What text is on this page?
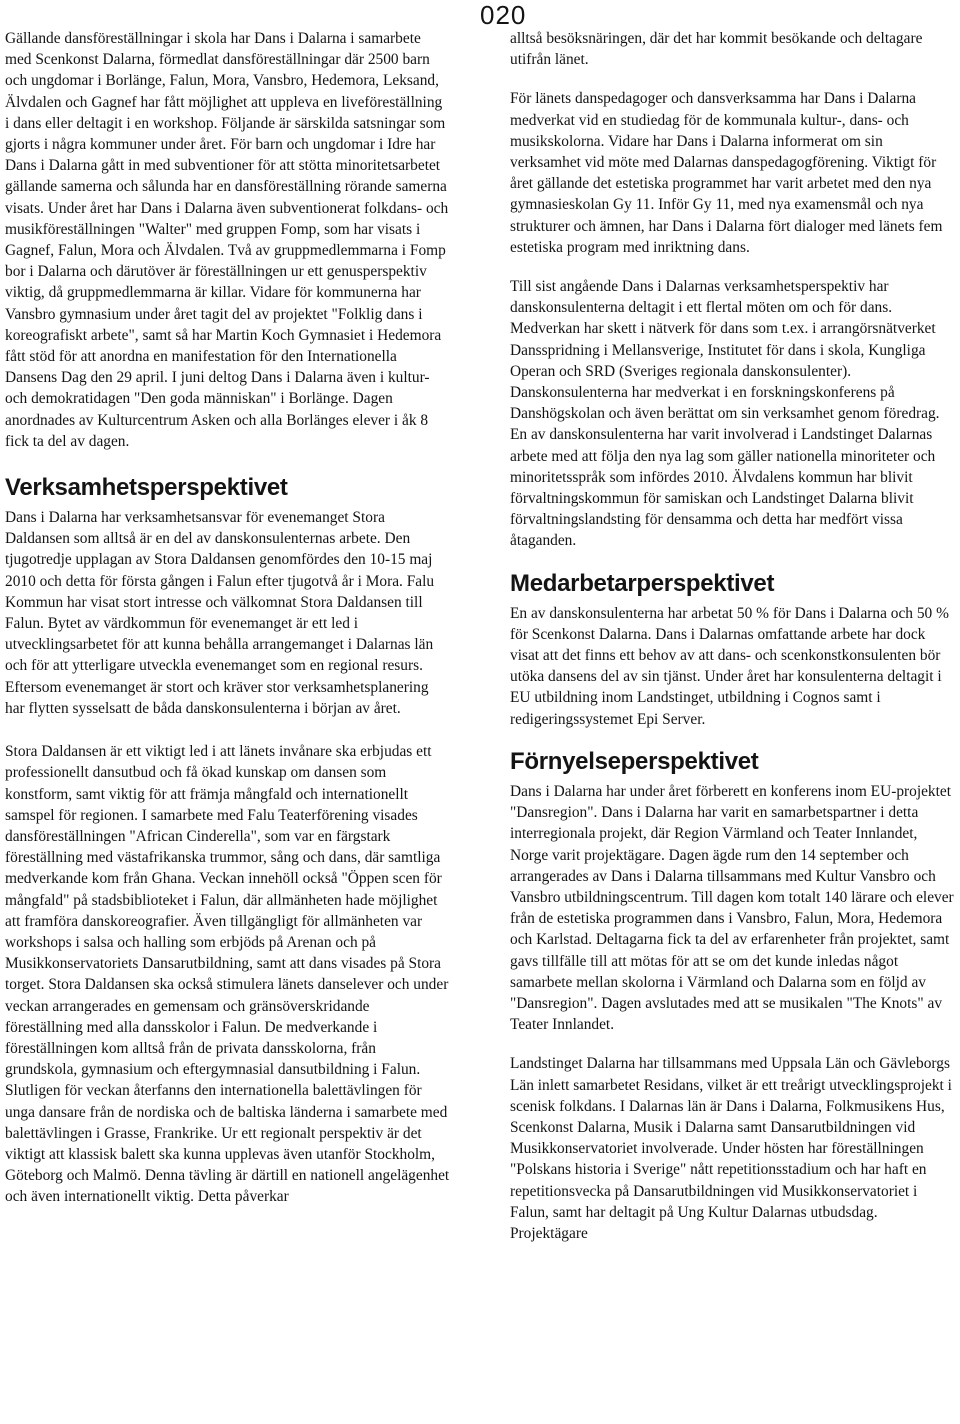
020

Gällande dansföreställningar i skola har Dans i Dalarna i samarbete med Scenkonst Dalarna, förmedlat dansföreställningar där 2500 barn och ungdomar i Borlänge, Falun, Mora, Vansbro, Hedemora, Leksand, Älvdalen och Gagnef har fått möjlighet att uppleva en liveföreställning i dans eller deltagit i en workshop. Följande är särskilda satsningar som gjorts i några kommuner under året. För barn och ungdomar i Idre har Dans i Dalarna gått in med subventioner för att stötta minoritetsarbetet gällande samerna och sålunda har en dansföreställning rörande samerna visats. Under året har Dans i Dalarna även subventionerat folkdans- och musikföreställningen "Walter" med gruppen Fomp, som har visats i Gagnef, Falun, Mora och Älvdalen. Två av gruppmedlemmarna i Fomp bor i Dalarna och därutöver är föreställningen ur ett genusperspektiv viktig, då gruppmedlemmarna är killar. Vidare för kommunerna har Vansbro gymnasium under året tagit del av projektet "Folklig dans i koreografiskt arbete", samt så har Martin Koch Gymnasiet i Hedemora fått stöd för att anordna en manifestation för den Internationella Dansens Dag den 29 april. I juni deltog Dans i Dalarna även i kultur- och demokratidagen "Den goda människan" i Borlänge. Dagen anordnades av Kulturcentrum Asken och alla Borlänges elever i åk 8 fick ta del av dagen.

Verksamhetsperspektivet

Dans i Dalarna har verksamhetsansvar för evenemanget Stora Daldansen som alltså är en del av danskonsulenternas arbete. Den tjugotredje upplagan av Stora Daldansen genomfördes den 10-15 maj 2010 och detta för första gången i Falun efter tjugotvå år i Mora. Falu Kommun har visat stort intresse och välkomnat Stora Daldansen till Falun. Bytet av värdkommun för evenemanget är ett led i utvecklingsarbetet för att kunna behålla arrangemanget i Dalarnas län och för att ytterligare utveckla evenemanget som en regional resurs. Eftersom evenemanget är stort och kräver stor verksamhetsplanering har flytten sysselsatt de båda danskonsulenterna i början av året.

Stora Daldansen är ett viktigt led i att länets invånare ska erbjudas ett professionellt dansutbud och få ökad kunskap om dansen som konstform, samt viktig för att främja mångfald och internationellt samspel för regionen. I samarbete med Falu Teaterförening visades dansföreställningen "African Cinderella", som var en färgstark föreställning med västafrikanska trummor, sång och dans, där samtliga medverkande kom från Ghana. Veckan innehöll också "Öppen scen för mångfald" på stadsbiblioteket i Falun, där allmänheten hade möjlighet att framföra danskoreografier. Även tillgängligt för allmänheten var workshops i salsa och halling som erbjöds på Arenan och på Musikkonservatoriets Dansarutbildning, samt att dans visades på Stora torget. Stora Daldansen ska också stimulera länets danselever och under veckan arrangerades en gemensam och gränsöverskridande föreställning med alla dansskolor i Falun. De medverkande i föreställningen kom alltså från de privata dansskolorna, från grundskola, gymnasium och eftergymnasial dansutbildning i Falun. Slutligen för veckan återfanns den internationella balettävlingen för unga dansare från de nordiska och de baltiska länderna i samarbete med balettävlingen i Grasse, Frankrike. Ur ett regionalt perspektiv är det viktigt att klassisk balett ska kunna upplevas även utanför Stockholm, Göteborg och Malmö. Denna tävling är därtill en nationell angelägenhet och även internationellt viktig. Detta påverkar

alltså besöksnäringen, där det har kommit besökande och deltagare utifrån länet.

För länets danspedagoger och dansverksamma har Dans i Dalarna medverkat vid en studiedag för de kommunala kultur-, dans- och musikskolorna. Vidare har Dans i Dalarna informerat om sin verksamhet vid möte med Dalarnas danspedagogförening. Viktigt för året gällande det estetiska programmet har varit arbetet med den nya gymnasieskolan Gy 11. Inför Gy 11, med nya examensmål och nya strukturer och ämnen, har Dans i Dalarna fört dialoger med länets fem estetiska program med inriktning dans.

Till sist angående Dans i Dalarnas verksamhetsperspektiv har danskonsulenterna deltagit i ett flertal möten om och för dans. Medverkan har skett i nätverk för dans som t.ex. i arrangörsnätverket Dansspridning i Mellansverige, Institutet för dans i skola, Kungliga Operan och SRD (Sveriges regionala danskonsulenter). Danskonsulenterna har medverkat i en forskningskonferens på Danshögskolan och även berättat om sin verksamhet genom föredrag. En av danskonsulenterna har varit involverad i Landstinget Dalarnas arbete med att följa den nya lag som gäller nationella minoriteter och minoritetsspråk som infördes 2010. Älvdalens kommun har blivit förvaltningskommun för samiskan och Landstinget Dalarna blivit förvaltningslandsting för densamma och detta har medfört vissa åtaganden.

Medarbetarperspektivet

En av danskonsulenterna har arbetat 50 % för Dans i Dalarna och 50 % för Scenkonst Dalarna. Dans i Dalarnas omfattande arbete har dock visat att det finns ett behov av att dans- och scenkonstkonsulenten bör utöka dansens del av sin tjänst. Under året har konsulenterna deltagit i EU utbildning inom Landstinget, utbildning i Cognos samt i redigeringssystemet Epi Server.

Förnyelseperspektivet

Dans i Dalarna har under året förberett en konferens inom EU-projektet "Dansregion". Dans i Dalarna har varit en samarbetspartner i detta interregionala projekt, där Region Värmland och Teater Innlandet, Norge varit projektägare. Dagen ägde rum den 14 september och arrangerades av Dans i Dalarna tillsammans med Kultur Vansbro och Vansbro utbildningscentrum. Till dagen kom totalt 140 lärare och elever från de estetiska programmen dans i Vansbro, Falun, Mora, Hedemora och Karlstad. Deltagarna fick ta del av erfarenheter från projektet, samt gavs tillfälle till att mötas för att se om det kunde inledas något samarbete mellan skolorna i Värmland och Dalarna som en följd av "Dansregion". Dagen avslutades med att se musikalen "The Knots" av Teater Innlandet.

Landstinget Dalarna har tillsammans med Uppsala Län och Gävleborgs Län inlett samarbetet Residans, vilket är ett treårigt utvecklingsprojekt i scenisk folkdans. I Dalarnas län är Dans i Dalarna, Folkmusikens Hus, Scenkonst Dalarna, Musik i Dalarna samt Dansarutbildningen vid Musikkonservatoriet involverade. Under hösten har föreställningen "Polskans historia i Sverige" nått repetitionsstadium och har haft en repetitionsvecka på Dansarutbildningen vid Musikkonservatoriet i Falun, samt har deltagit på Ung Kultur Dalarnas utbudsdag. Projektägare
